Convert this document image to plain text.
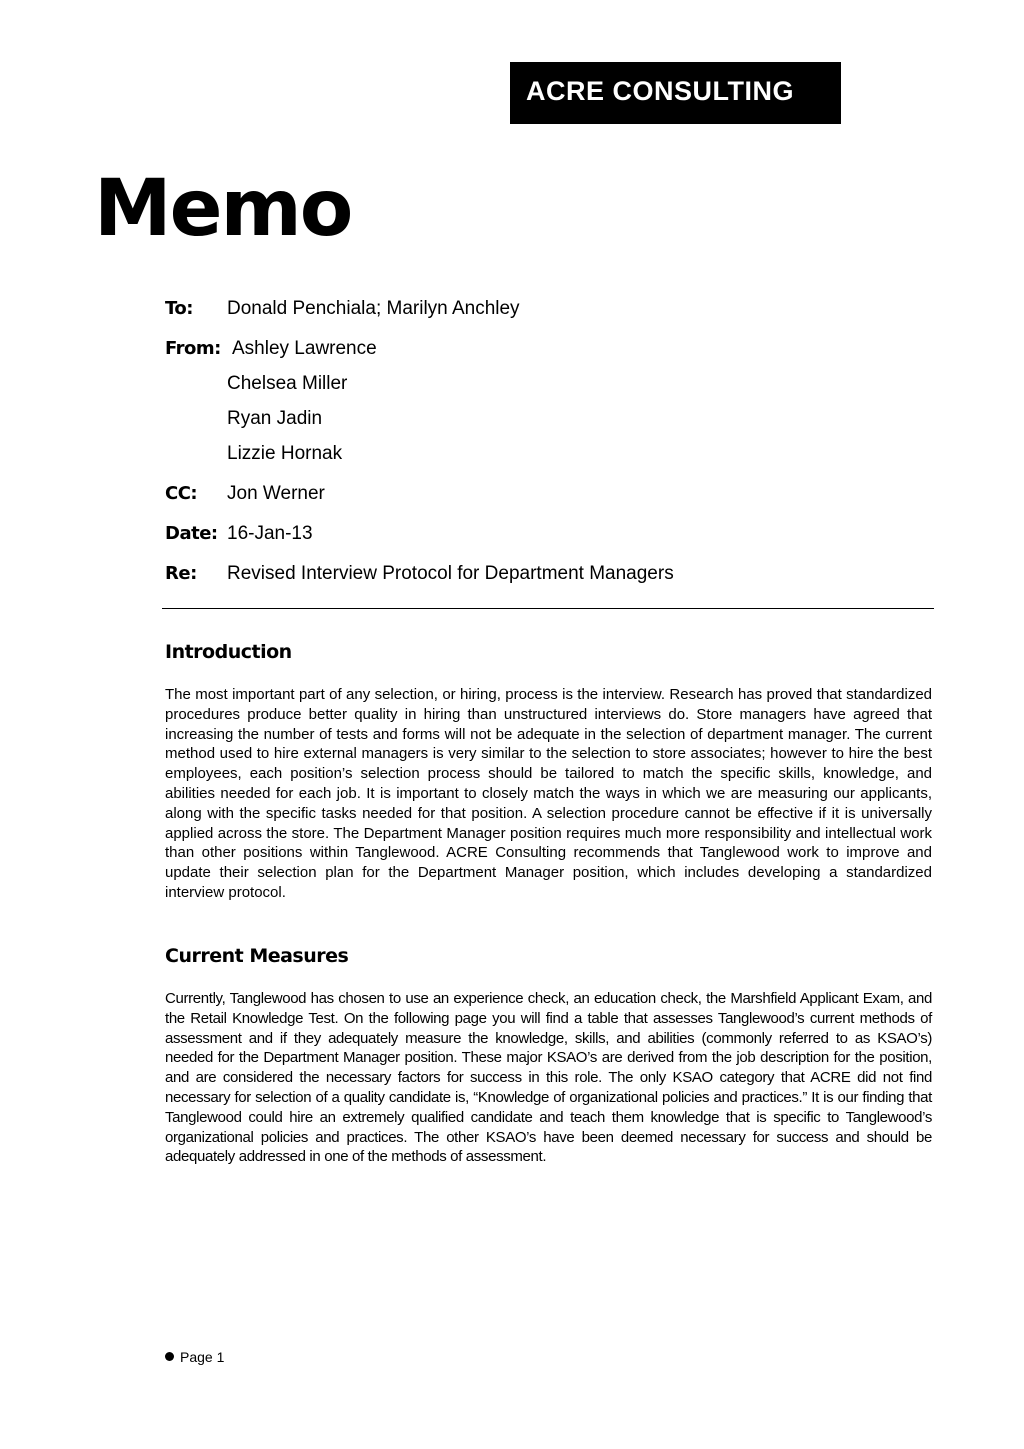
ACRE CONSULTING
Memo
To: Donald Penchiala; Marilyn Anchley
From: Ashley Lawrence
Chelsea Miller
Ryan Jadin
Lizzie Hornak
CC: Jon Werner
Date: 16-Jan-13
Re: Revised Interview Protocol for Department Managers
Introduction

The most important part of any selection, or hiring, process is the interview. Research has proved that standardized procedures produce better quality in hiring than unstructured interviews do. Store managers have agreed that increasing the number of tests and forms will not be adequate in the selection of department manager. The current method used to hire external managers is very similar to the selection to store associates; however to hire the best employees, each position’s selection process should be tailored to match the specific skills, knowledge, and abilities needed for each job. It is important to closely match the ways in which we are measuring our applicants, along with the specific tasks needed for that position. A selection procedure cannot be effective if it is universally applied across the store. The Department Manager position requires much more responsibility and intellectual work than other positions within Tanglewood. ACRE Consulting recommends that Tanglewood work to improve and update their selection plan for the Department Manager position, which includes developing a standardized interview protocol.

Current Measures

Currently, Tanglewood has chosen to use an experience check, an education check, the Marshfield Applicant Exam, and the Retail Knowledge Test. On the following page you will find a table that assesses Tanglewood’s current methods of assessment and if they adequately measure the knowledge, skills, and abilities (commonly referred to as KSAO’s) needed for the Department Manager position. These major KSAO’s are derived from the job description for the position, and are considered the necessary factors for success in this role. The only KSAO category that ACRE did not find necessary for selection of a quality candidate is, “Knowledge of organizational policies and practices.” It is our finding that Tanglewood could hire an extremely qualified candidate and teach them knowledge that is specific to Tanglewood’s organizational policies and practices. The other KSAO’s have been deemed necessary for success and should be adequately addressed in one of the methods of assessment.

Page 1
